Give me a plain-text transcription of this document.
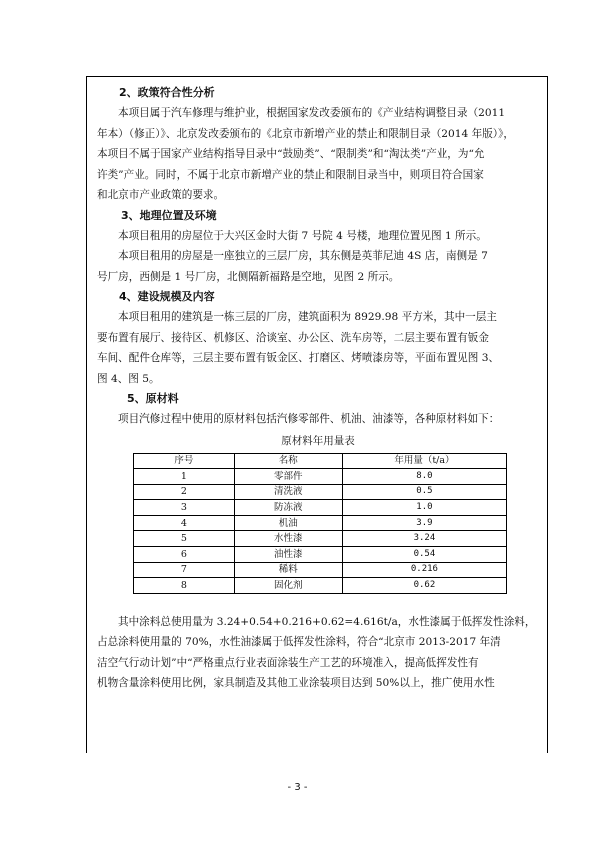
2、政策符合性分析
本项目属于汽车修理与维护业，根据国家发改委颁布的《产业结构调整目录（2011
年本）（修正）》、北京发改委颁布的《北京市新增产业的禁止和限制目录（2014 年版）》，
本项目不属于国家产业结构指导目录中“鼓励类”、“限制类”和“淘汰类”产业，为“允
许类”产业。同时，不属于北京市新增产业的禁止和限制目录当中，则项目符合国家
和北京市产业政策的要求。
3、地理位置及环境
本项目租用的房屋位于大兴区金时大街 7 号院 4 号楼，地理位置见图 1 所示。
本项目租用的房屋是一座独立的三层厂房，其东侧是英菲尼迪 4S 店，南侧是 7
号厂房，西侧是 1 号厂房，北侧隔新福路是空地，见图 2 所示。
4、建设规模及内容
本项目租用的建筑是一栋三层的厂房，建筑面积为 8929.98 平方米，其中一层主
要布置有展厅、接待区、机修区、洽谈室、办公区、洗车房等，二层主要布置有钣金
车间、配件仓库等，三层主要布置有钣金区、打磨区、烤喷漆房等，平面布置见图 3、
图 4、图 5。
5、原材料
项目汽修过程中使用的原材料包括汽修零部件、机油、油漆等，各种原材料如下：
原材料年用量表
序号	名称	年用量（t/a）
1	零部件	8.0
2	清洗液	0.5
3	防冻液	1.0
4	机油	3.9
5	水性漆	3.24
6	油性漆	0.54
7	稀料	0.216
8	固化剂	0.62
其中涂料总使用量为 3.24+0.54+0.216+0.62=4.616t/a，水性漆属于低挥发性涂料，
占总涂料使用量的 70%，水性油漆属于低挥发性涂料，符合“北京市 2013-2017 年清
洁空气行动计划”中“严格重点行业表面涂装生产工艺的环境准入，提高低挥发性有
机物含量涂料使用比例，家具制造及其他工业涂装项目达到 50%以上，推广使用水性
- 3 -
